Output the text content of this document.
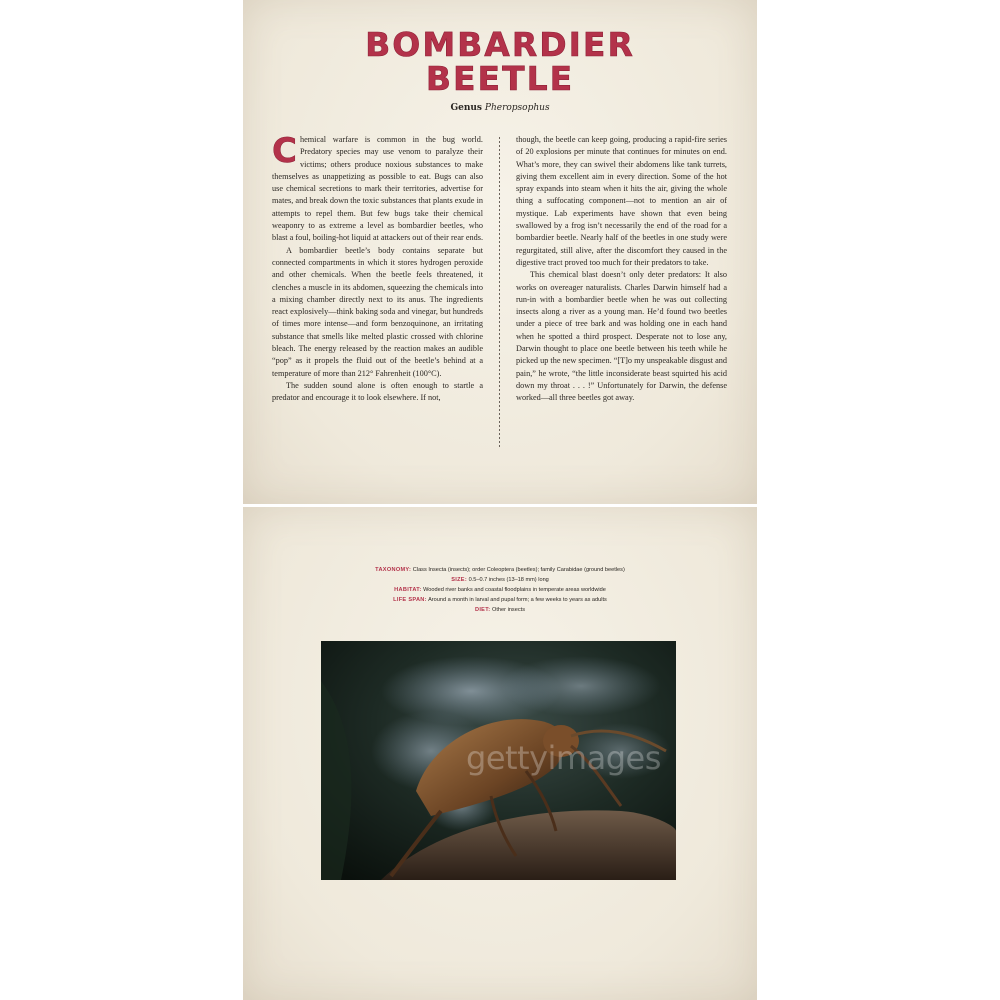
BOMBARDIER
BEETLE
Genus Pheropsophus

Chemical warfare is common in the bug world. Predatory species may use venom to paralyze their victims; others produce noxious substances to make themselves as unappetizing as possible to eat. Bugs can also use chemical secretions to mark their territories, advertise for mates, and break down the toxic substances that plants exude in attempts to repel them. But few bugs take their chemical weaponry to as extreme a level as bombardier beetles, who blast a foul, boiling-hot liquid at attackers out of their rear ends.

A bombardier beetle’s body contains separate but connected compartments in which it stores hydrogen peroxide and other chemicals. When the beetle feels threatened, it clenches a muscle in its abdomen, squeezing the chemicals into a mixing chamber directly next to its anus. The ingredients react explosively—think baking soda and vinegar, but hundreds of times more intense—and form benzoquinone, an irritating substance that smells like melted plastic crossed with chlorine bleach. The energy released by the reaction makes an audible “pop” as it propels the fluid out of the beetle’s behind at a temperature of more than 212° Fahrenheit (100°C).

The sudden sound alone is often enough to startle a predator and encourage it to look elsewhere. If not,

though, the beetle can keep going, producing a rapid-fire series of 20 explosions per minute that continues for minutes on end. What’s more, they can swivel their abdomens like tank turrets, giving them excellent aim in every direction. Some of the hot spray expands into steam when it hits the air, giving the whole thing a suffocating component—not to mention an air of mystique. Lab experiments have shown that even being swallowed by a frog isn’t necessarily the end of the road for a bombardier beetle. Nearly half of the beetles in one study were regurgitated, still alive, after the discomfort they caused in the digestive tract proved too much for their predators to take.

This chemical blast doesn’t only deter predators: It also works on overeager naturalists. Charles Darwin himself had a run-in with a bombardier beetle when he was out collecting insects along a river as a young man. He’d found two beetles under a piece of tree bark and was holding one in each hand when he spotted a third prospect. Desperate not to lose any, Darwin thought to place one beetle between his teeth while he picked up the new specimen. “[T]o my unspeakable disgust and pain,” he wrote, “the little inconsiderate beast squirted his acid down my throat . . . !” Unfortunately for Darwin, the defense worked—all three beetles got away.

TAXONOMY: Class Insecta (insects); order Coleoptera (beetles); family Carabidae (ground beetles)
SIZE: 0.5–0.7 inches (13–18 mm) long
HABITAT: Wooded river banks and coastal floodplains in temperate areas worldwide
LIFE SPAN: Around a month in larval and pupal form; a few weeks to years as adults
DIET: Other insects
gettyimages
